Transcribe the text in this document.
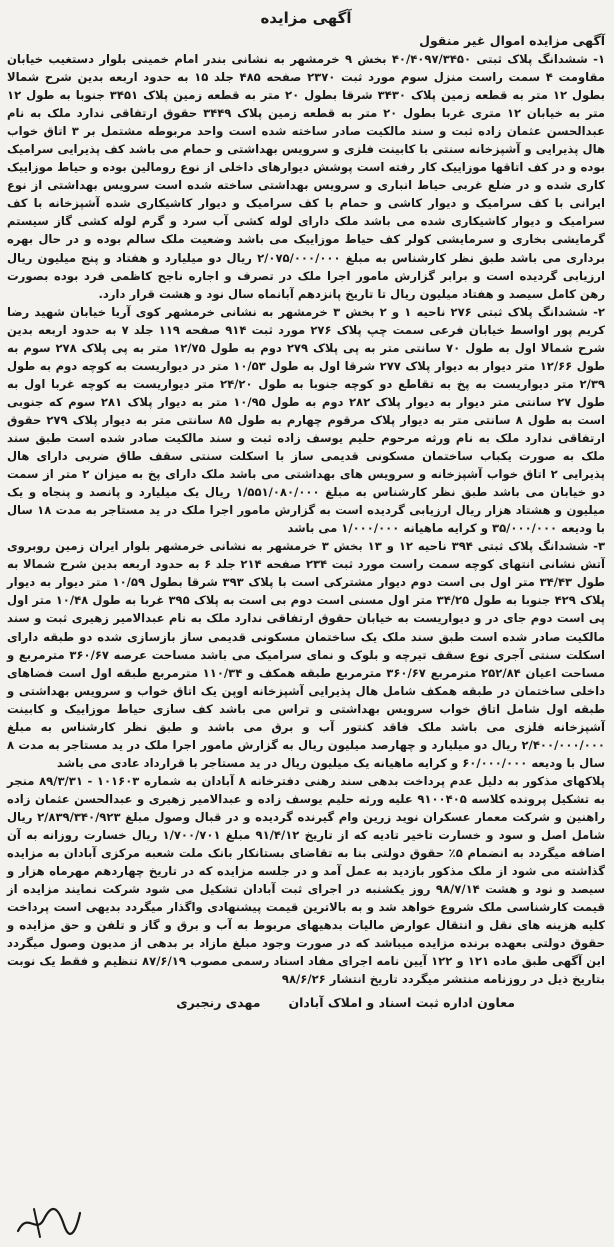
آگهی مزایده
آگهی مزایده اموال غیر منقول

۱- ششدانگ پلاک ثبتی ۴۰/۴۰۹۷/۳۴۵۰ بخش ۹ خرمشهر به نشانی بندر امام خمینی بلوار دستغیب خیابان مقاومت ۴ سمت راست منزل سوم مورد ثبت ۲۳۷۰ صفحه ۴۸۵ جلد ۱۵ به حدود اربعه بدین شرح شمالا بطول ۱۲ متر به قطعه زمین پلاک ۳۴۳۰ شرقا بطول ۲۰ متر به قطعه زمین پلاک ۳۴۵۱ جنوبا به طول ۱۲ متر به خیابان ۱۲ متری غربا بطول ۲۰ متر به قطعه زمین پلاک ۳۴۴۹ حقوق ارتفاقی ندارد ملک به نام عبدالحسن عثمان زاده ثبت و سند مالکیت صادر ساخته شده است واحد مربوطه مشتمل بر ۳ اتاق خواب هال پذیرایی و آشپزخانه سنتی با کابینت فلزی و سرویس بهداشتی و حمام می باشد کف پذیرایی سرامیک بوده و در کف اتاقها موزاییک کار رفته است پوشش دیوارهای داخلی از نوع رومالین بوده و حیاط موزاییک کاری شده و در ضلع غربی حیاط انباری و سرویس بهداشتی ساخته شده است سرویس بهداشتی از نوع ایرانی با کف سرامیک و دیوار کاشی و حمام با کف سرامیک و دیوار کاشیکاری شده آشپزخانه با کف سرامیک و دیوار کاشیکاری شده می باشد ملک دارای لوله کشی آب سرد و گرم لوله کشی گاز سیستم گرمایشی بخاری و سرمایشی کولر کف حیاط موزاییک می باشد وضعیت ملک سالم بوده و در حال بهره برداری می باشد طبق نظر کارشناس به مبلغ ۲/۰۷۵/۰۰۰/۰۰۰ ریال دو میلیارد و هفتاد و پنج میلیون ریال ارزیابی گردیده است و برابر گزارش مامور اجرا ملک در تصرف و اجاره ناجح کاظمی فرد بوده بصورت رهن کامل سیصد و هفتاد میلیون ریال تا تاریخ پانزدهم آبانماه سال نود و هشت قرار دارد.

۲- ششدانگ پلاک ثبتی ۲۷۶ ناحیه ۱ و ۲ بخش ۳ خرمشهر به نشانی خرمشهر کوی آریا خیابان شهید رضا کریم پور اواسط خیابان فرعی سمت چپ پلاک ۲۷۶ مورد ثبت ۹۱۴ صفحه ۱۱۹ جلد ۷ به حدود اربعه بدین شرح شمالا اول به طول ۷۰ سانتی متر به پی پلاک ۲۷۹ دوم به طول ۱۲/۷۵ متر به پی پلاک ۲۷۸ سوم به طول ۱۲/۶۶ متر دیوار به دیوار پلاک ۲۷۷ شرقا اول به طول ۱۰/۵۳ متر در دیواریست به کوچه دوم به طول ۲/۳۹ متر دیواریست به پخ به تقاطع دو کوچه جنوبا به طول ۲۴/۲۰ متر دیواریست به کوچه غربا اول به طول ۲۷ سانتی متر دیوار به دیوار پلاک ۲۸۲ دوم به طول ۱۰/۹۵ متر به دیوار پلاک ۲۸۱ سوم که جنوبی است به طول ۸ سانتی متر به دیوار پلاک مرقوم چهارم به طول ۸۵ سانتی متر به دیوار پلاک ۲۷۹ حقوق ارتفاقی ندارد ملک به نام ورثه مرحوم حلیم یوسف زاده ثبت و سند مالکیت صادر شده است طبق سند ملک به صورت یکباب ساختمان مسکونی قدیمی ساز با اسکلت سنتی سقف طاق ضربی دارای هال پذیرایی ۲ اتاق خواب آشپزخانه و سرویس های بهداشتی می باشد ملک دارای پخ به میزان ۲ متر از سمت دو خیابان می باشد طبق نظر کارشناس به مبلغ ۱/۵۵۱/۰۸۰/۰۰۰ ریال یک میلیارد و پانصد و پنجاه و یک میلیون و هشتاد هزار ریال ارزیابی گردیده است به گزارش مامور اجرا ملک در ید مستاجر به مدت ۱۸ سال با ودیعه ۳۵/۰۰۰/۰۰۰ و کرایه ماهیانه ۱/۰۰۰/۰۰۰ می باشد

۳- ششدانگ پلاک ثبتی ۳۹۴ ناحیه ۱۲ و ۱۳ بخش ۳ خرمشهر به نشانی خرمشهر بلوار ایران زمین روبروی آتش نشانی انتهای کوچه سمت راست مورد ثبت ۲۳۴ صفحه ۲۱۴ جلد ۶ به حدود اربعه بدین شرح شمالا به طول ۳۴/۴۳ متر اول بی است دوم دیوار مشترکی است با پلاک ۳۹۳ شرقا بطول ۱۰/۵۹ متر دیوار به دیوار پلاک ۴۲۹ جنوبا به طول ۳۴/۲۵ متر اول مسنی است دوم بی است به پلاک ۳۹۵ غربا به طول ۱۰/۴۸ متر اول پی است دوم جای در و دیواریست به خیابان حقوق ارتفاقی ندارد ملک به نام عبدالامیر زهیری ثبت و سند مالکیت صادر شده است طبق سند ملک یک ساختمان مسکونی قدیمی ساز بازسازی شده دو طبقه دارای اسکلت سنتی آجری نوع سقف تیرچه و بلوک و نمای سرامیک می باشد مساحت عرصه ۳۶۰/۶۷ مترمربع و مساحت اعیان ۲۵۲/۸۴ مترمربع ۳۶۰/۶۷ مترمربع طبقه همکف و ۱۱۰/۳۴ مترمربع طبقه اول است فضاهای داخلی ساختمان در طبقه همکف شامل هال پذیرایی آشپزخانه اوپن یک اتاق خواب و سرویس بهداشتی و طبقه اول شامل اتاق خواب سرویس بهداشتی و تراس می باشد کف سازی حیاط موزاییک و کابینت آشپزخانه فلزی می باشد ملک فاقد کنتور آب و برق می باشد و طبق نظر کارشناس به مبلغ ۲/۴۰۰/۰۰۰/۰۰۰ ریال دو میلیارد و چهارصد میلیون ریال به گزارش مامور اجرا ملک در ید مستاجر به مدت ۸ سال با ودیعه ۶۰/۰۰۰/۰۰۰ و کرایه ماهیانه یک میلیون ریال در ید مستاجر با قرارداد عادی می باشد

پلاکهای مذکور به دلیل عدم پرداخت بدهی سند رهنی دفترخانه ۸ آبادان به شماره ۱۰۱۶۰۳ - ۸۹/۳/۳۱ منجر به تشکیل پرونده کلاسه ۹۱۰۰۴۰۵ علیه ورثه حلیم یوسف زاده و عبدالامیر زهیری و عبدالحسن عثمان زاده راهنین و شرکت معمار عسکران نوید زرین وام گیرنده گردیده و در قبال وصول مبلغ ۲/۸۳۹/۳۴۰/۹۲۳ ریال شامل اصل و سود و خسارت تاخیر تادیه که از تاریخ ۹۱/۴/۱۲ مبلغ ۱/۷۰۰/۷۰۱ ریال خسارت روزانه به آن اضافه میگردد به انضمام ۵٪ حقوق دولتی بنا به تقاضای بستانکار بانک ملت شعبه مرکزی آبادان به مزایده گذاشته می شود از ملک مذکور بازدید به عمل آمد و در جلسه مزایده که در تاریخ چهاردهم مهرماه هزار و سیصد و نود و هشت ۹۸/۷/۱۴ روز یکشنبه در اجرای ثبت آبادان تشکیل می شود شرکت نمایند مزایده از قیمت کارشناسی ملک شروع خواهد شد و به بالاترین قیمت پیشنهادی واگذار میگردد بدیهی است پرداخت کلیه هزینه های نقل و انتقال عوارض مالیات بدهیهای مربوط به آب و برق و گاز و تلفن و حق مزایده و حقوق دولتی بعهده برنده مزایده میباشد که در صورت وجود مبلغ مازاد بر بدهی از مدیون وصول میگردد این آگهی طبق ماده ۱۲۱ و ۱۲۲ آیین نامه اجرای مفاد اسناد رسمی مصوب ۸۷/۶/۱۹ تنظیم و فقط یک نوبت بتاریخ ذیل در روزنامه منتشر میگردد تاریخ انتشار ۹۸/۶/۲۶

معاون اداره ثبت اسناد و املاک آبادان
مهدی رنجبری
